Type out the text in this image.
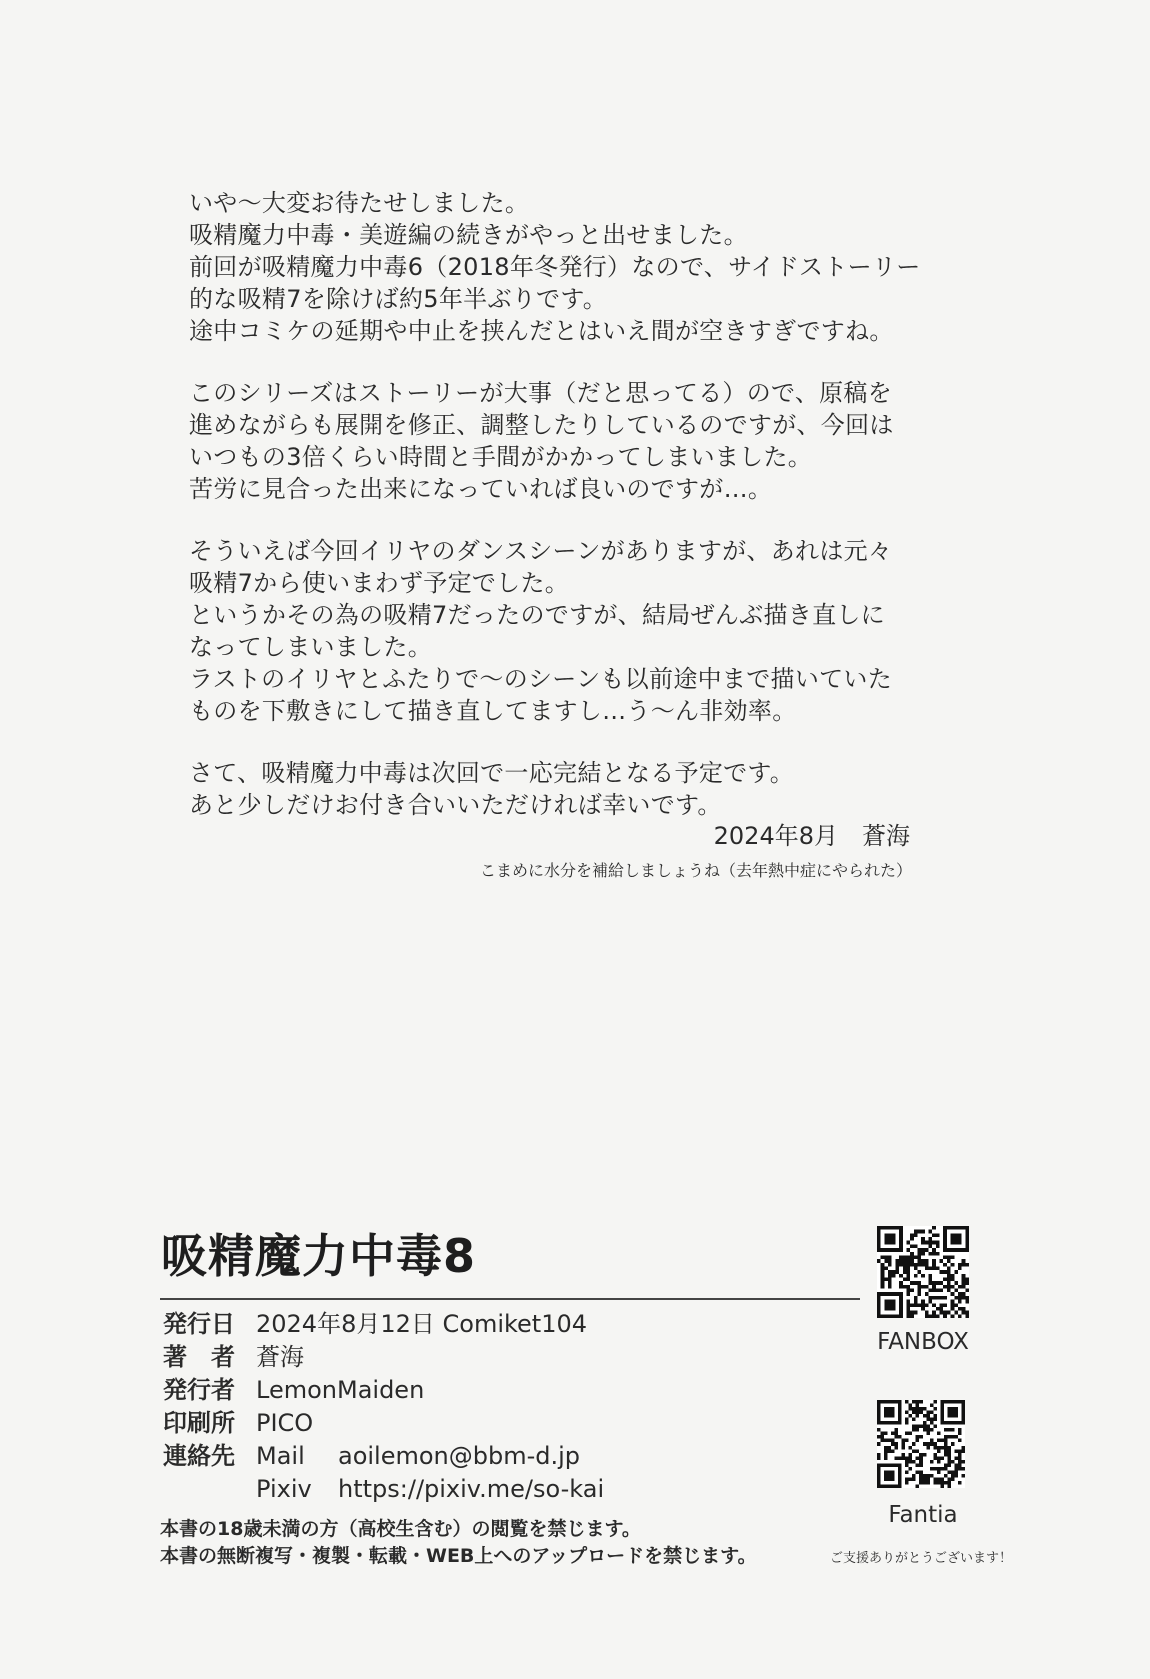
いや～大変お待たせしました。
吸精魔力中毒・美遊編の続きがやっと出せました。
前回が吸精魔力中毒6（2018年冬発行）なので、サイドストーリー
的な吸精7を除けば約5年半ぶりです。
途中コミケの延期や中止を挟んだとはいえ間が空きすぎですね。
このシリーズはストーリーが大事（だと思ってる）ので、原稿を
進めながらも展開を修正、調整したりしているのですが、今回は
いつもの3倍くらい時間と手間がかかってしまいました。
苦労に見合った出来になっていれば良いのですが…。
そういえば今回イリヤのダンスシーンがありますが、あれは元々
吸精7から使いまわず予定でした。
というかその為の吸精7だったのですが、結局ぜんぶ描き直しに
なってしまいました。
ラストのイリヤとふたりで～のシーンも以前途中まで描いていた
ものを下敷きにして描き直してますし…う～ん非効率。
さて、吸精魔力中毒は次回で一応完結となる予定です。
あと少しだけお付き合いいただければ幸いです。
2024年8月　蒼海
こまめに水分を補給しましょうね（去年熱中症にやられた）
吸精魔力中毒8
発行日 2024年8月12日 Comiket104
著　者 蒼海
発行者 LemonMaiden
印刷所 PICO
連絡先 Mail	aoilemon@bbm-d.jp
Pixiv	https://pixiv.me/so-kai
本書の18歳未満の方（高校生含む）の閲覧を禁じます。
本書の無断複写・複製・転載・WEB上へのアップロードを禁じます。
FANBOX
Fantia
ご支援ありがとうございます！
